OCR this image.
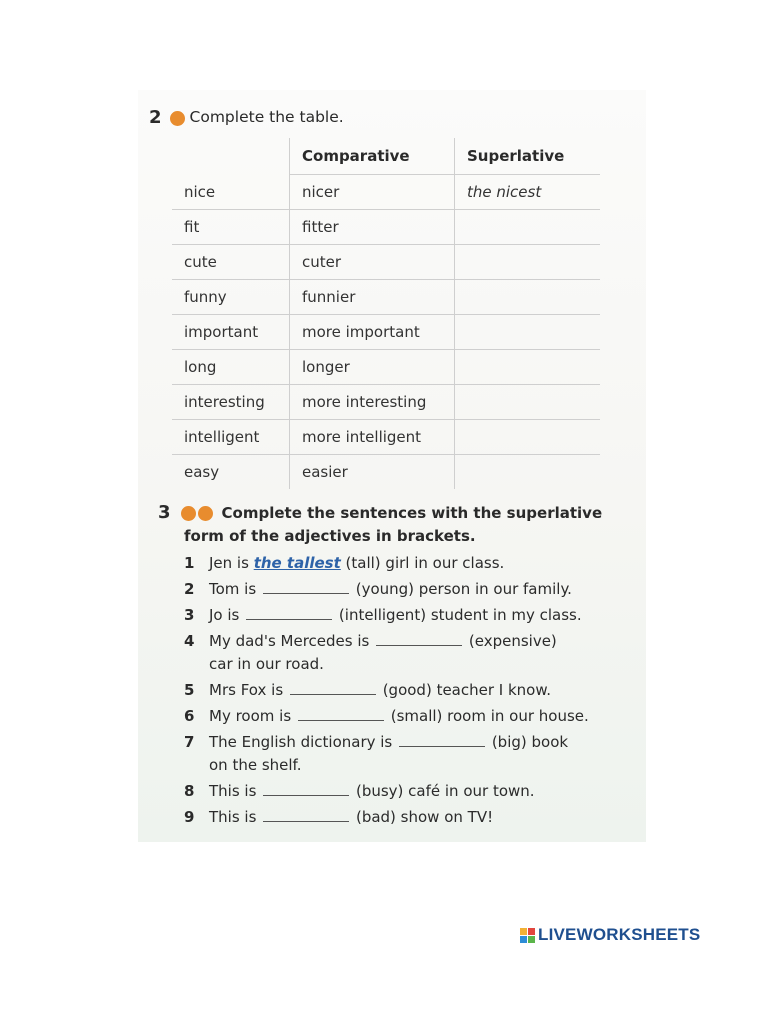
2 Complete the table.
	Comparative	Superlative
nice	nicer	the nicest
fit	fitter	
cute	cuter	
funny	funnier	
important	more important	
long	longer	
interesting	more interesting	
intelligent	more intelligent	
easy	easier	
3	Complete the sentences with the superlative
form of the adjectives in brackets.
1 Jen is the tallest (tall) girl in our class.
2 Tom is	(young) person in our family.
3 Jo is	(intelligent) student in my class.
4 My dad's Mercedes is	(expensive)
car in our road.
5 Mrs Fox is	(good) teacher I know.
6 My room is	(small) room in our house.
7 The English dictionary is	(big) book
on the shelf.
8 This is	(busy) café in our town.
9 This is	(bad) show on TV!
LIVEWORKSHEETS
